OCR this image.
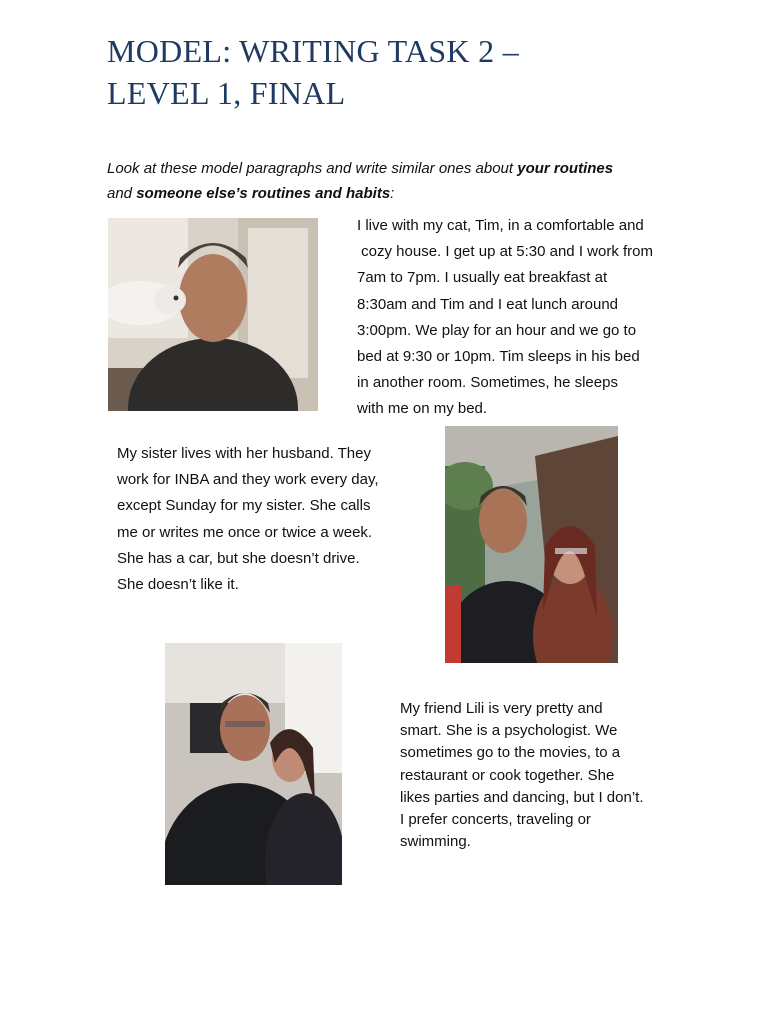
MODEL: WRITING TASK 2 –
LEVEL 1, FINAL
Look at these model paragraphs and write similar ones about your routines and someone else’s routines and habits:
I live with my cat, Tim, in a comfortable and
cozy house. I get up at 5:30 and I work from
7am to 7pm. I usually eat breakfast at
8:30am and Tim and I eat lunch around
3:00pm. We play for an hour and we go to
bed at 9:30 or 10pm. Tim sleeps in his bed
in another room. Sometimes, he sleeps
with me on my bed.
My sister lives with her husband. They
work for INBA and they work every day,
except Sunday for my sister. She calls
me or writes me once or twice a week.
She has a car, but she doesn’t drive.
She doesn’t like it.
My friend Lili is very pretty and
smart. She is a psychologist. We
sometimes go to the movies, to a
restaurant or cook together. She
likes parties and dancing, but I don’t.
I prefer concerts, traveling or
swimming.
